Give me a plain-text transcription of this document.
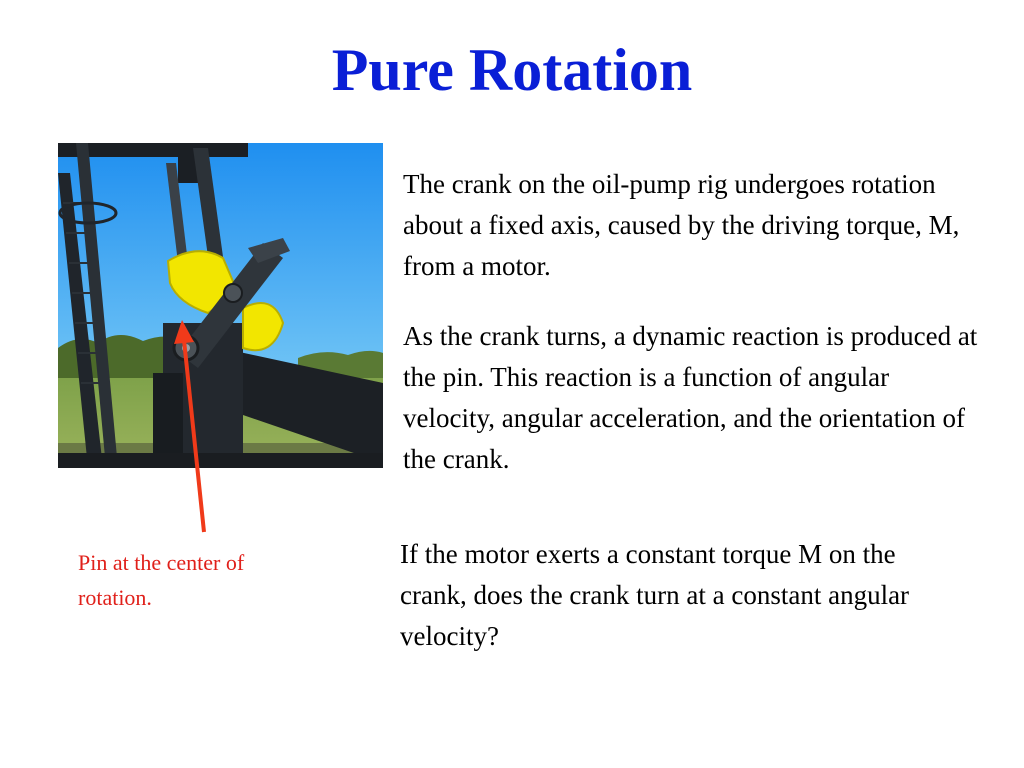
Pure Rotation

The crank on the oil-pump rig undergoes rotation about a fixed axis, caused by the driving torque, M, from a motor.

As the crank turns, a dynamic reaction is produced at the pin. This reaction is a function of angular velocity, angular acceleration, and the orientation of the crank.

If the motor exerts a constant torque M on the crank, does the crank turn at a constant angular velocity?

Pin at the center of rotation.
